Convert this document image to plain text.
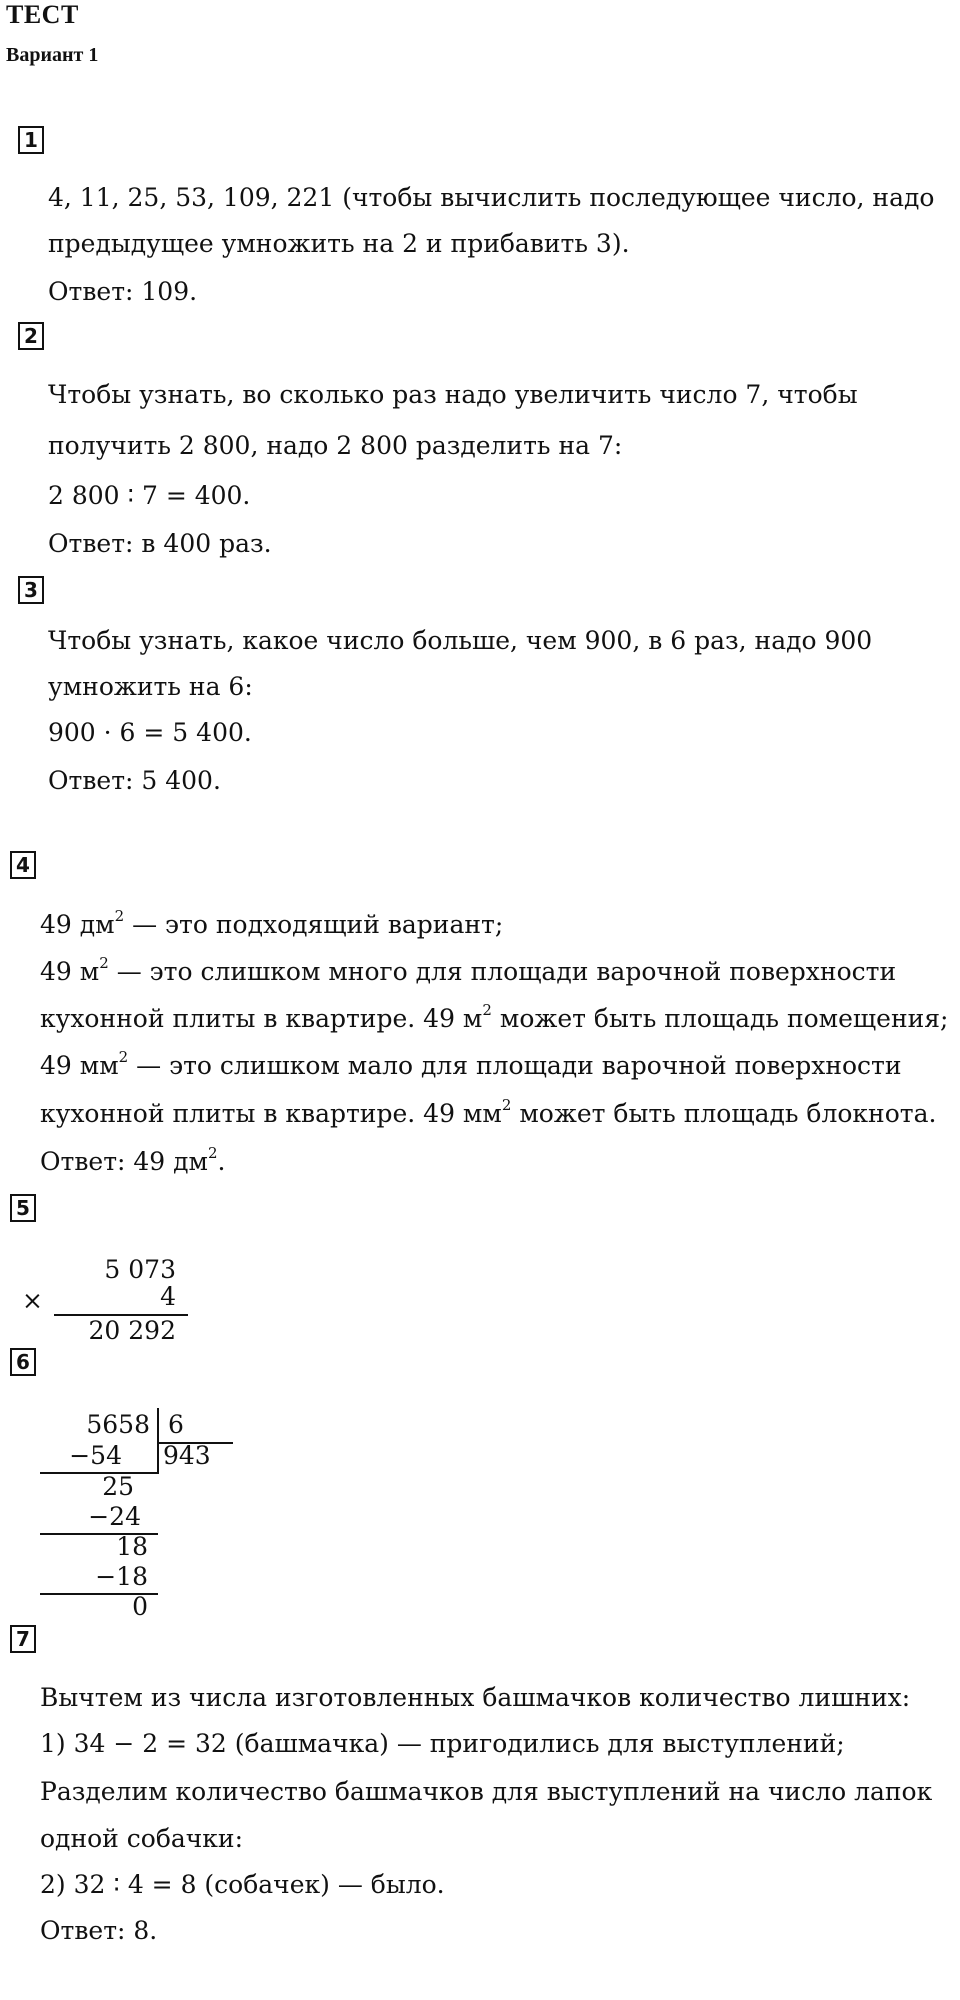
ТЕСТ
Вариант 1
1
4, 11, 25, 53, 109, 221 (чтобы вычислить последующее число, надо
предыдущее умножить на 2 и прибавить 3).
Ответ: 109.
2
Чтобы узнать, во сколько раз надо увеличить число 7, чтобы
получить 2 800, надо 2 800 разделить на 7:
2 800 ∶ 7 = 400.
Ответ: в 400 раз.
3
Чтобы узнать, какое число больше, чем 900, в 6 раз, надо 900
умножить на 6:
900 · 6 = 5 400.
Ответ: 5 400.
4
49 $дм^2$ — это подходящий вариант;
49 $м^2$ — это слишком много для площади варочной поверхности
кухонной плиты в квартире. 49 $м^2$ может быть площадь помещения;
49 $мм^2$ — это слишком мало для площади варочной поверхности
кухонной плиты в квартире. 49 $мм^2$ может быть площадь блокнота.
Ответ: 49 $дм^2$.
5
5 073
×	4
20 292
6
5658 6
943
−54
25
−24
18
−18
0
7
Вычтем из числа изготовленных башмачков количество лишних:
1) 34 − 2 = 32 (башмачка) — пригодились для выступлений;
Разделим количество башмачков для выступлений на число лапок
одной собачки:
2) 32 ∶ 4 = 8 (собачек) — было.
Ответ: 8.
